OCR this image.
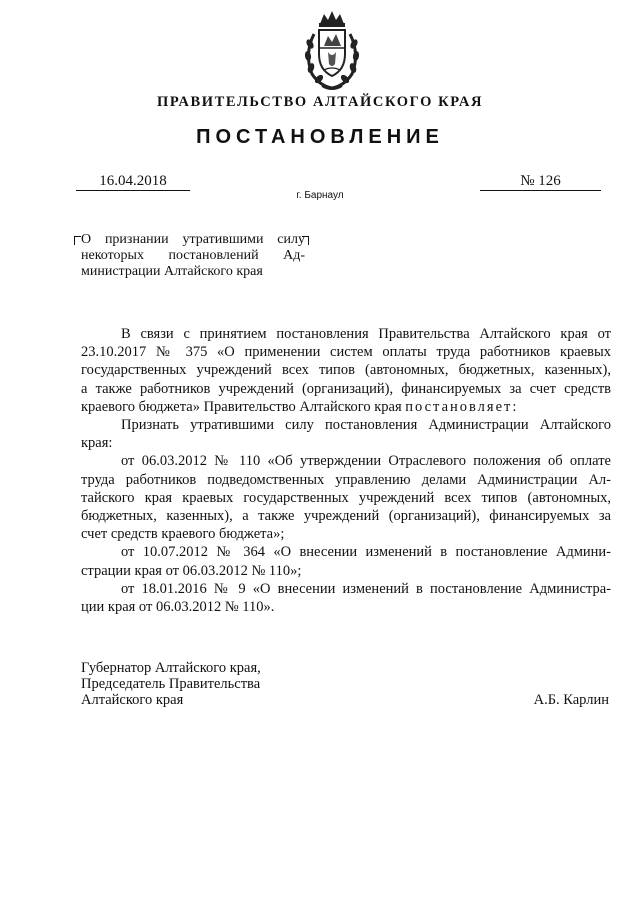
ПРАВИТЕЛЬСТВО АЛТАЙСКОГО КРАЯ
ПОСТАНОВЛЕНИЕ
16.04.2018	№ 126
г. Барнаул
О признании утратившими силу
некоторых постановлений Ад-
министрации Алтайского края
В связи с принятием постановления Правительства Алтайского края от
23.10.2017 № 375 «О применении систем оплаты труда работников краевых
государственных учреждений всех типов (автономных, бюджетных, казенных),
а также работников учреждений (организаций), финансируемых за счет средств
краевого бюджета» Правительство Алтайского края постановляет:
Признать утратившими силу постановления Администрации Алтайского
края:
от 06.03.2012 № 110 «Об утверждении Отраслевого положения об оплате
труда работников подведомственных управлению делами Администрации Ал-
тайского края краевых государственных учреждений всех типов (автономных,
бюджетных, казенных), а также учреждений (организаций), финансируемых за
счет средств краевого бюджета»;
от 10.07.2012 № 364 «О внесении изменений в постановление Админи-
страции края от 06.03.2012 № 110»;
от 18.01.2016 № 9 «О внесении изменений в постановление Администра-
ции края от 06.03.2012 № 110».
Губернатор Алтайского края,
Председатель Правительства
Алтайского края	А.Б. Карлин
